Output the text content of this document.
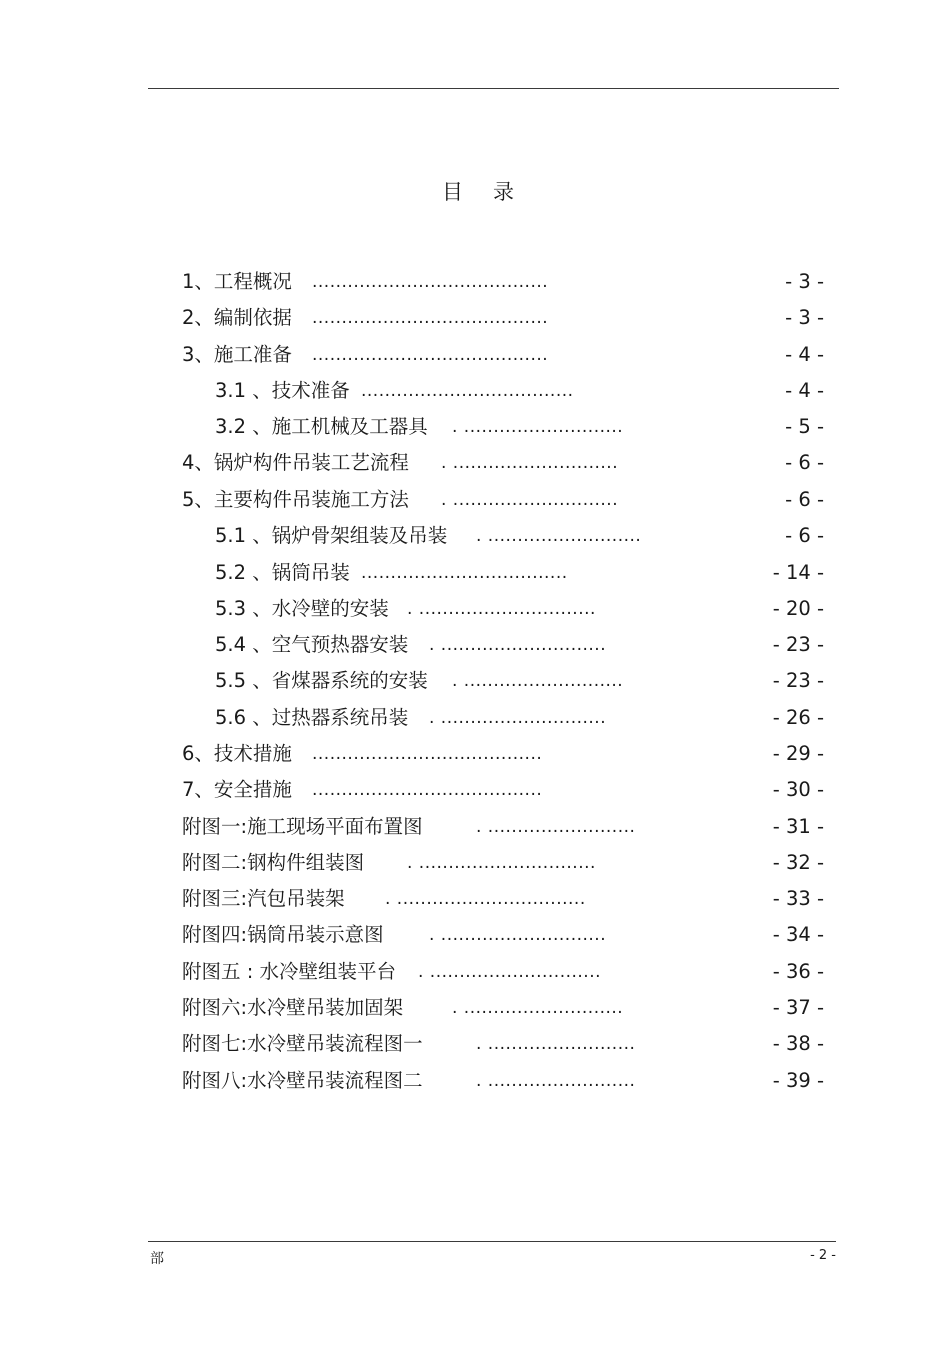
目录
1、工程概况 ........................................	- 3 -
2、编制依据 ........................................	- 3 -
3、施工准备 ........................................	- 4 -
3.1 、技术准备 ....................................	- 4 -
3.2 、施工机械及工器具 . ...........................	- 5 -
4、锅炉构件吊装工艺流程 . ............................	- 6 -
5、主要构件吊装施工方法 . ............................	- 6 -
5.1 、锅炉骨架组装及吊装 . ..........................	- 6 -
5.2 、锅筒吊装 ...................................	- 14 -
5.3 、水冷壁的安装 . ..............................	- 20 -
5.4 、空气预热器安装 . ............................	- 23 -
5.5 、省煤器系统的安装 . ...........................	- 23 -
5.6 、过热器系统吊装 . ............................	- 26 -
6、技术措施 .......................................	- 29 -
7、安全措施 .......................................	- 30 -
附图一:施工现场平面布置图	. .........................	- 31 -
附图二:钢构件组装图	. ..............................	- 32 -
附图三:汽包吊装架 . ................................	- 33 -
附图四:锅筒吊装示意图	. ............................	- 34 -
附图五 : 水冷壁组装平台 . .............................	- 36 -
附图六:水冷壁吊装加固架	. ...........................	- 37 -
附图七:水冷壁吊装流程图一	. .........................	- 38 -
附图八:水冷壁吊装流程图二	. .........................	- 39 -
部	- 2 -
